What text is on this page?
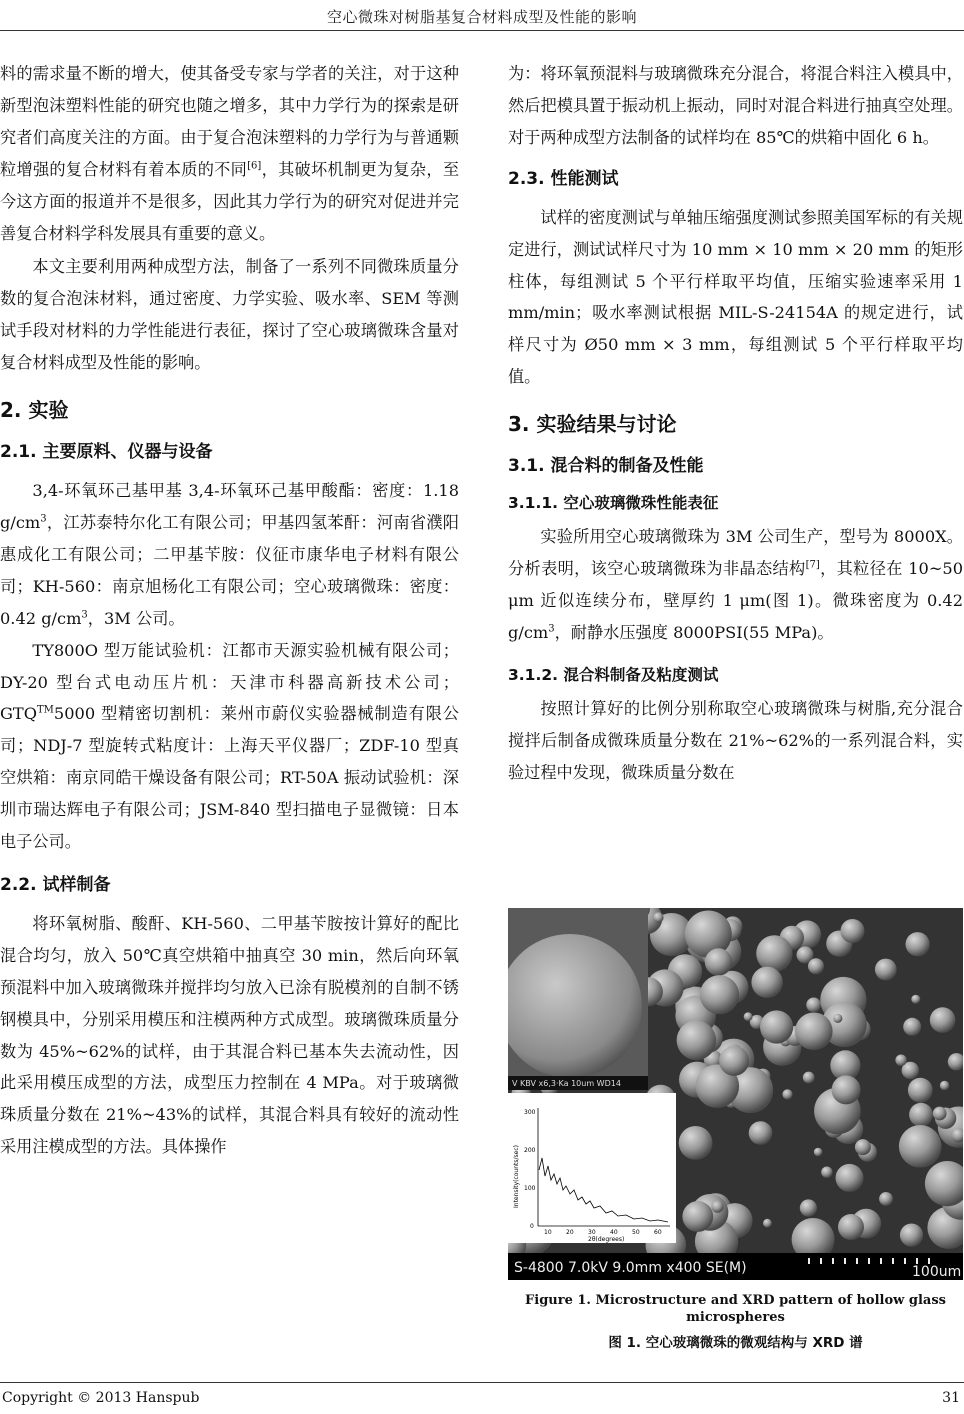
空心微珠对树脂基复合材料成型及性能的影响

料的需求量不断的增大，使其备受专家与学者的关注，对于这种新型泡沫塑料性能的研究也随之增多，其中力学行为的探索是研究者们高度关注的方面。由于复合泡沫塑料的力学行为与普通颗粒增强的复合材料有着本质的不同[6]，其破坏机制更为复杂，至今这方面的报道并不是很多，因此其力学行为的研究对促进并完善复合材料学科发展具有重要的意义。

本文主要利用两种成型方法，制备了一系列不同微珠质量分数的复合泡沫材料，通过密度、力学实验、吸水率、SEM 等测试手段对材料的力学性能进行表征，探讨了空心玻璃微珠含量对复合材料成型及性能的影响。

2. 实验
2.1. 主要原料、仪器与设备

3,4-环氧环己基甲基 3,4-环氧环己基甲酸酯：密度：1.18 $g/cm^3$，江苏泰特尔化工有限公司；甲基四氢苯酐：河南省濮阳惠成化工有限公司；二甲基苄胺：仪征市康华电子材料有限公司；KH-560：南京旭杨化工有限公司；空心玻璃微珠：密度：0.42 $g/cm^3$，3M 公司。

TY800O 型万能试验机：江都市天源实验机械有限公司；DY-20 型台式电动压片机：天津市科器高新技术公司；GTQ™5000 型精密切割机：莱州市蔚仪实验器械制造有限公司；NDJ-7 型旋转式粘度计：上海天平仪器厂；ZDF-10 型真空烘箱：南京同皓干燥设备有限公司；RT-50A 振动试验机：深圳市瑞达辉电子有限公司；JSM-840 型扫描电子显微镜：日本电子公司。

2.2. 试样制备

将环氧树脂、酸酐、KH-560、二甲基苄胺按计算好的配比混合均匀，放入 50℃真空烘箱中抽真空 30 min，然后向环氧预混料中加入玻璃微珠并搅拌均匀放入已涂有脱模剂的自制不锈钢模具中，分别采用模压和注模两种方式成型。玻璃微珠质量分数为 45%~62%的试样，由于其混合料已基本失去流动性，因此采用模压成型的方法，成型压力控制在 4 MPa。对于玻璃微珠质量分数在 21%~43%的试样，其混合料具有较好的流动性采用注模成型的方法。具体操作

为：将环氧预混料与玻璃微珠充分混合，将混合料注入模具中，然后把模具置于振动机上振动，同时对混合料进行抽真空处理。对于两种成型方法制备的试样均在 85℃的烘箱中固化 6 h。

2.3. 性能测试

试样的密度测试与单轴压缩强度测试参照美国军标的有关规定进行，测试试样尺寸为 10 mm × 10 mm × 20 mm 的矩形柱体，每组测试 5 个平行样取平均值，压缩实验速率采用 1 mm/min；吸水率测试根据 MIL-S-24154A 的规定进行，试样尺寸为 Ø50 mm × 3 mm，每组测试 5 个平行样取平均值。

3. 实验结果与讨论
3.1. 混合料的制备及性能
3.1.1. 空心玻璃微珠性能表征

实验所用空心玻璃微珠为 3M 公司生产，型号为 8000X。分析表明，该空心玻璃微珠为非晶态结构[7]，其粒径在 10~50 μm 近似连续分布，壁厚约 1 μm(图 1)。微珠密度为 0.42 $g/cm^3$，耐静水压强度 8000PSI(55 MPa)。

3.1.2. 混合料制备及粘度测试

按照计算好的比例分别称取空心玻璃微珠与树脂,充分混合搅拌后制备成微珠质量分数在 21%~62%的一系列混合料，实验过程中发现，微珠质量分数在

V KBV x6,3·Ka 10um WD14
0
100
200
300
10 20 30 40 50 60
2θ(degrees)
Intensity(counts/sec)
S-4800 7.0kV 9.0mm x400 SE(M)	100um
Figure 1. Microstructure and XRD pattern of hollow glass microspheres
图 1. 空心玻璃微珠的微观结构与 XRD 谱
Copyright © 2013 Hanspub	31
